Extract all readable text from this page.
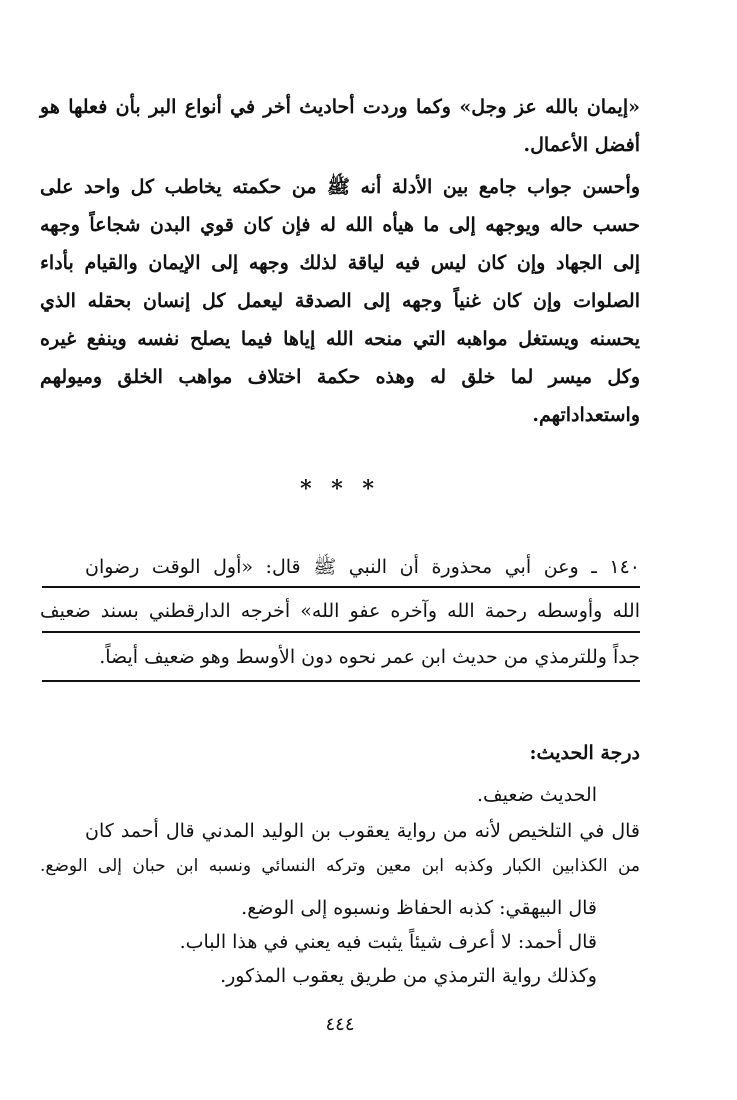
«إيمان بالله عز وجل» وكما وردت أحاديث أخر في أنواع البر بأن فعلها هو
أفضل الأعمال.
وأحسن جواب جامع بين الأدلة أنه ﷺ من حكمته يخاطب كل واحد على
حسب حاله ويوجهه إلى ما هيأه الله له فإن كان قوي البدن شجاعاً وجهه
إلى الجهاد وإن كان ليس فيه لياقة لذلك وجهه إلى الإيمان والقيام بأداء
الصلوات وإن كان غنياً وجهه إلى الصدقة ليعمل كل إنسان بحقله الذي
يحسنه ويستغل مواهبه التي منحه الله إياها فيما يصلح نفسه وينفع غيره
وكل ميسر لما خلق له وهذه حكمة اختلاف مواهب الخلق وميولهم
واستعداداتهم.
* * *
١٤٠ ـ وعن أبي محذورة أن النبي ﷺ قال: «أول الوقت رضوان
الله وأوسطه رحمة الله وآخره عفو الله» أخرجه الدارقطني بسند ضعيف
جداً وللترمذي من حديث ابن عمر نحوه دون الأوسط وهو ضعيف أيضاً.
درجة الحديث:
الحديث ضعيف.
قال في التلخيص لأنه من رواية يعقوب بن الوليد المدني قال أحمد كان
من الكذابين الكبار وكذبه ابن معين وتركه النسائي ونسبه ابن حبان إلى الوضع.
قال البيهقي: كذبه الحفاظ ونسبوه إلى الوضع.
قال أحمد: لا أعرف شيئاً يثبت فيه يعني في هذا الباب.
وكذلك رواية الترمذي من طريق يعقوب المذكور.
٤٤٤
